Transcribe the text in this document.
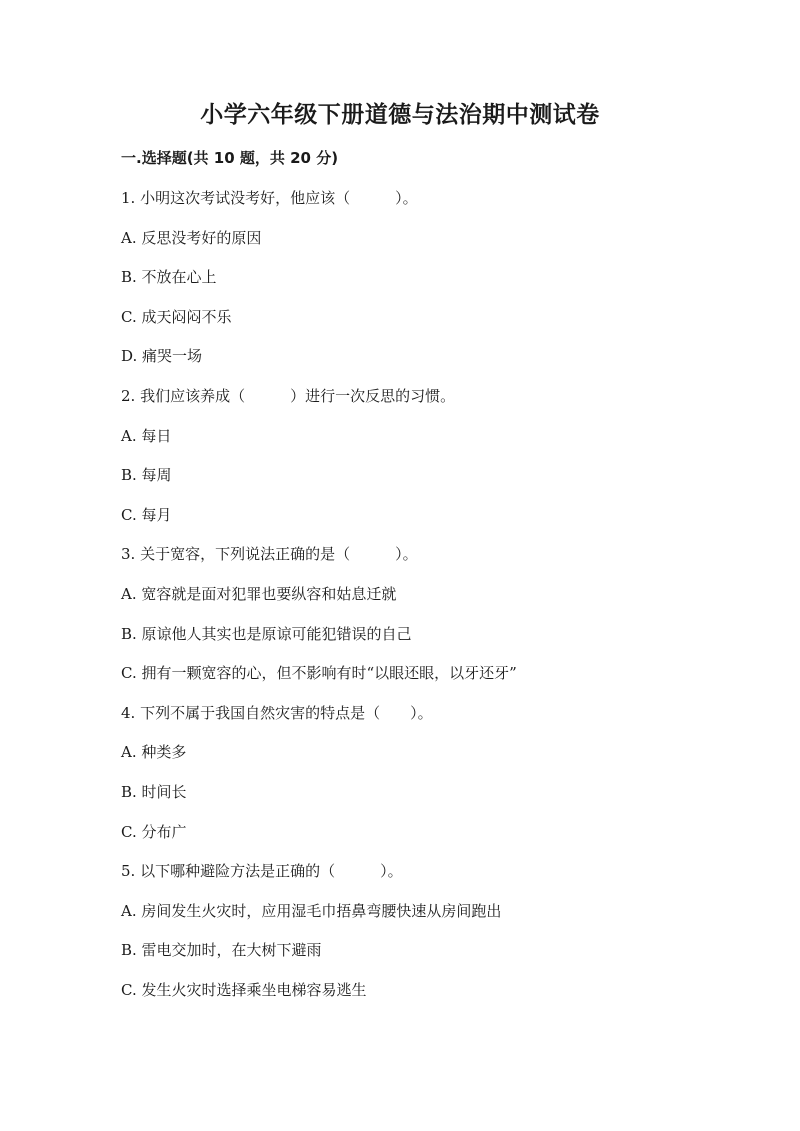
小学六年级下册道德与法治期中测试卷
一.选择题(共 10 题，共 20 分)
1. 小明这次考试没考好，他应该（　　　）。
A. 反思没考好的原因
B. 不放在心上
C. 成天闷闷不乐
D. 痛哭一场
2. 我们应该养成（　　　）进行一次反思的习惯。
A. 每日
B. 每周
C. 每月
3. 关于宽容，下列说法正确的是（　　　）。
A. 宽容就是面对犯罪也要纵容和姑息迁就
B. 原谅他人其实也是原谅可能犯错误的自己
C. 拥有一颗宽容的心，但不影响有时“以眼还眼，以牙还牙”
4. 下列不属于我国自然灾害的特点是（　　）。
A. 种类多
B. 时间长
C. 分布广
5. 以下哪种避险方法是正确的（　　　）。
A. 房间发生火灾时，应用湿毛巾捂鼻弯腰快速从房间跑出
B. 雷电交加时，在大树下避雨
C. 发生火灾时选择乘坐电梯容易逃生
